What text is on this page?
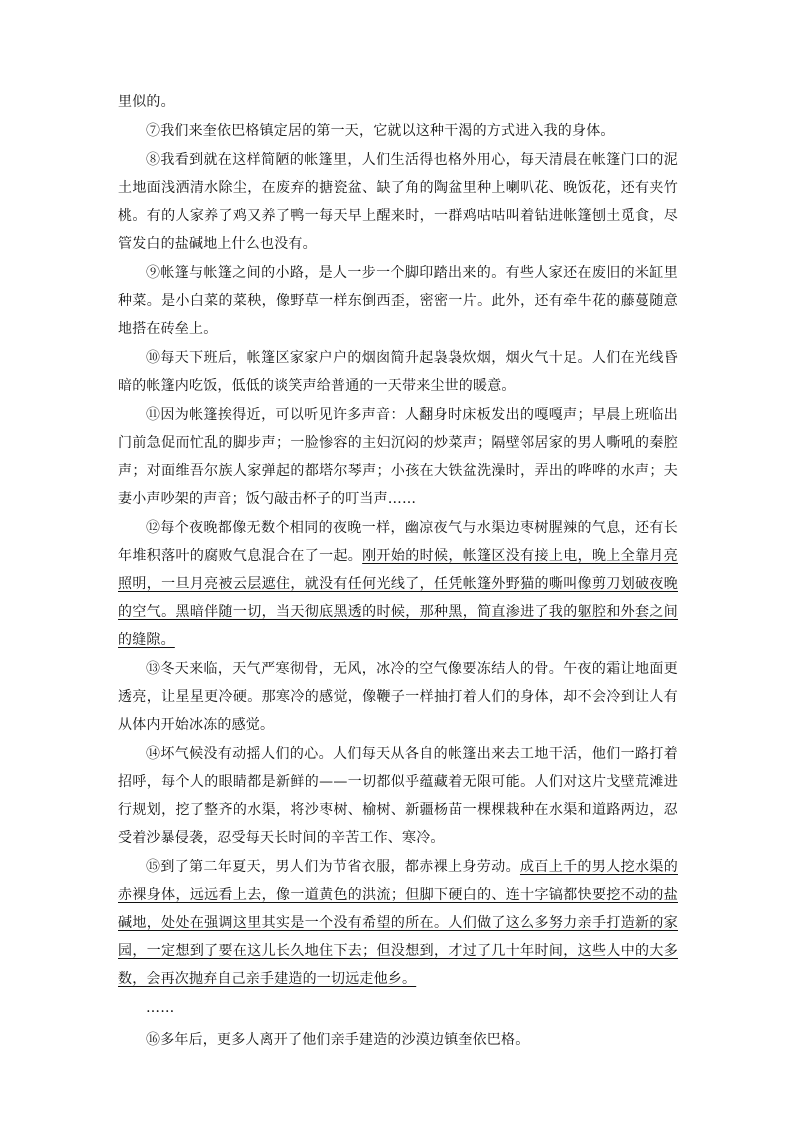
里似的。

⑦我们来奎依巴格镇定居的第一天，它就以这种干渴的方式进入我的身体。

⑧我看到就在这样简陋的帐篷里，人们生活得也格外用心，每天清晨在帐篷门口的泥土地面浅洒清水除尘，在废弃的搪瓷盆、缺了角的陶盆里种上喇叭花、晚饭花，还有夹竹桃。有的人家养了鸡又养了鸭一每天早上醒来时，一群鸡咕咕叫着钻进帐篷刨土觅食，尽管发白的盐碱地上什么也没有。

⑨帐篷与帐篷之间的小路，是人一步一个脚印踏出来的。有些人家还在废旧的米缸里种菜。是小白菜的菜秧，像野草一样东倒西歪，密密一片。此外，还有牵牛花的藤蔓随意地搭在砖垒上。

⑩每天下班后，帐篷区家家户户的烟囱简升起袅袅炊烟，烟火气十足。人们在光线昏暗的帐篷内吃饭，低低的谈笑声给普通的一天带来尘世的暖意。

⑪因为帐篷挨得近，可以听见许多声音：人翻身时床板发出的嘎嘎声；早晨上班临出门前急促而忙乱的脚步声；一脸惨容的主妇沉闷的炒菜声；隔壁邻居家的男人嘶吼的秦腔声；对面维吾尔族人家弹起的都塔尔琴声；小孩在大铁盆洗澡时，弄出的哗哗的水声；夫妻小声吵架的声音；饭勺敲击杯子的叮当声……

⑫每个夜晚都像无数个相同的夜晚一样，幽凉夜气与水渠边枣树腥辣的气息，还有长年堆积落叶的腐败气息混合在了一起。刚开始的时候，帐篷区没有接上电，晚上全靠月亮照明，一旦月亮被云层遮住，就没有任何光线了，任凭帐篷外野猫的嘶叫像剪刀划破夜晚的空气。黑暗伴随一切，当天彻底黑透的时候，那种黑，简直渗进了我的躯腔和外套之间的缝隙。

⑬冬天来临，天气严寒彻骨，无风，冰冷的空气像要冻结人的骨。午夜的霜让地面更透亮，让星星更冷硬。那寒冷的感觉，像鞭子一样抽打着人们的身体，却不会冷到让人有从体内开始冰冻的感觉。

⑭坏气候没有动摇人们的心。人们每天从各自的帐篷出来去工地干活，他们一路打着招呼，每个人的眼睛都是新鲜的——一切都似乎蕴藏着无限可能。人们对这片戈壁荒滩进行规划，挖了整齐的水渠，将沙枣树、榆树、新疆杨苗一棵棵栽种在水渠和道路两边，忍受着沙暴侵袭，忍受每天长时间的辛苦工作、寒冷。

⑮到了第二年夏天，男人们为节省衣服，都赤裸上身劳动。成百上千的男人挖水渠的赤裸身体，远远看上去，像一道黄色的洪流；但脚下硬白的、连十字镐都快要挖不动的盐碱地，处处在强调这里其实是一个没有希望的所在。人们做了这么多努力亲手打造新的家园，一定想到了要在这儿长久地住下去；但没想到，才过了几十年时间，这些人中的大多数，会再次抛弃自己亲手建造的一切远走他乡。

……

⑯多年后，更多人离开了他们亲手建造的沙漠边镇奎依巴格。
